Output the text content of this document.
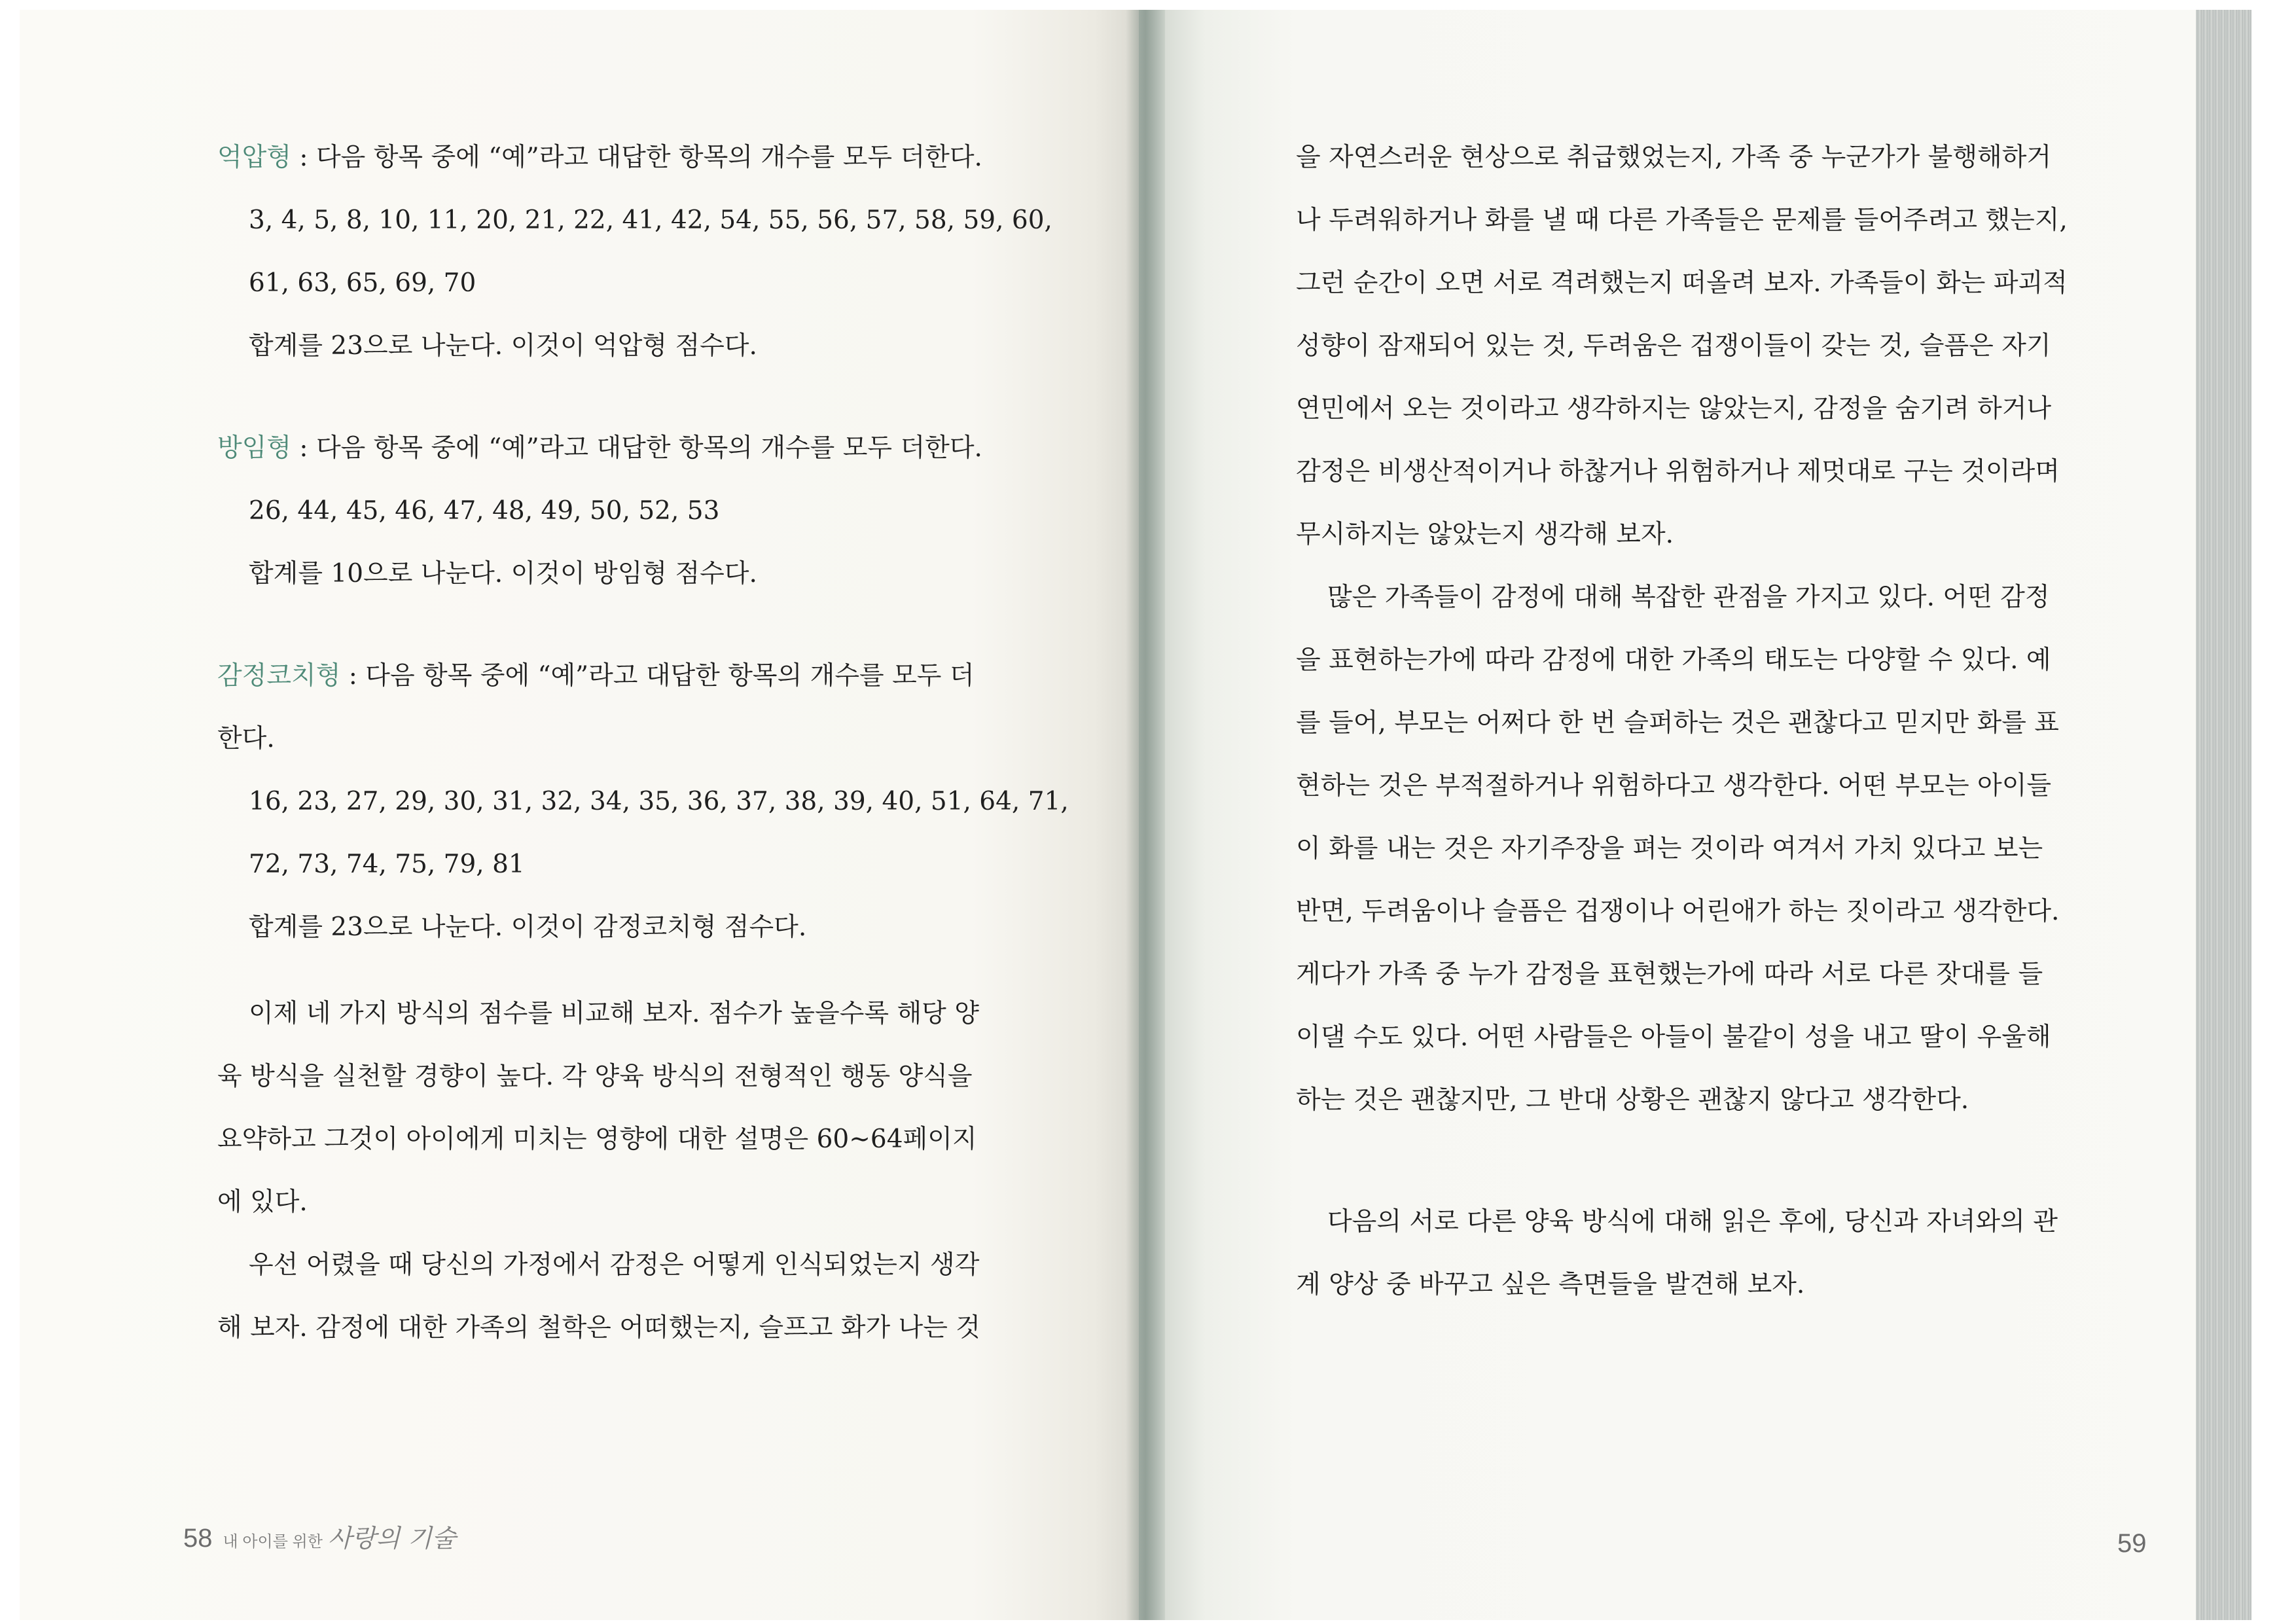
억압형 : 다음 항목 중에 “예”라고 대답한 항목의 개수를 모두 더한다.
3, 4, 5, 8, 10, 11, 20, 21, 22, 41, 42, 54, 55, 56, 57, 58, 59, 60,
61, 63, 65, 69, 70
합계를 23으로 나눈다. 이것이 억압형 점수다.
방임형 : 다음 항목 중에 “예”라고 대답한 항목의 개수를 모두 더한다.
26, 44, 45, 46, 47, 48, 49, 50, 52, 53
합계를 10으로 나눈다. 이것이 방임형 점수다.
감정코치형 : 다음 항목 중에 “예”라고 대답한 항목의 개수를 모두 더
한다.
16, 23, 27, 29, 30, 31, 32, 34, 35, 36, 37, 38, 39, 40, 51, 64, 71,
72, 73, 74, 75, 79, 81
합계를 23으로 나눈다. 이것이 감정코치형 점수다.
이제 네 가지 방식의 점수를 비교해 보자. 점수가 높을수록 해당 양
육 방식을 실천할 경향이 높다. 각 양육 방식의 전형적인 행동 양식을
요약하고 그것이 아이에게 미치는 영향에 대한 설명은 60~64페이지
에 있다.
우선 어렸을 때 당신의 가정에서 감정은 어떻게 인식되었는지 생각
해 보자. 감정에 대한 가족의 철학은 어떠했는지, 슬프고 화가 나는 것
58 내 아이를 위한 사랑의 기술
을 자연스러운 현상으로 취급했었는지, 가족 중 누군가가 불행해하거
나 두려워하거나 화를 낼 때 다른 가족들은 문제를 들어주려고 했는지,
그런 순간이 오면 서로 격려했는지 떠올려 보자. 가족들이 화는 파괴적
성향이 잠재되어 있는 것, 두려움은 겁쟁이들이 갖는 것, 슬픔은 자기
연민에서 오는 것이라고 생각하지는 않았는지, 감정을 숨기려 하거나
감정은 비생산적이거나 하찮거나 위험하거나 제멋대로 구는 것이라며
무시하지는 않았는지 생각해 보자.
많은 가족들이 감정에 대해 복잡한 관점을 가지고 있다. 어떤 감정
을 표현하는가에 따라 감정에 대한 가족의 태도는 다양할 수 있다. 예
를 들어, 부모는 어쩌다 한 번 슬퍼하는 것은 괜찮다고 믿지만 화를 표
현하는 것은 부적절하거나 위험하다고 생각한다. 어떤 부모는 아이들
이 화를 내는 것은 자기주장을 펴는 것이라 여겨서 가치 있다고 보는
반면, 두려움이나 슬픔은 겁쟁이나 어린애가 하는 짓이라고 생각한다.
게다가 가족 중 누가 감정을 표현했는가에 따라 서로 다른 잣대를 들
이댈 수도 있다. 어떤 사람들은 아들이 불같이 성을 내고 딸이 우울해
하는 것은 괜찮지만, 그 반대 상황은 괜찮지 않다고 생각한다.
다음의 서로 다른 양육 방식에 대해 읽은 후에, 당신과 자녀와의 관
계 양상 중 바꾸고 싶은 측면들을 발견해 보자.
59
